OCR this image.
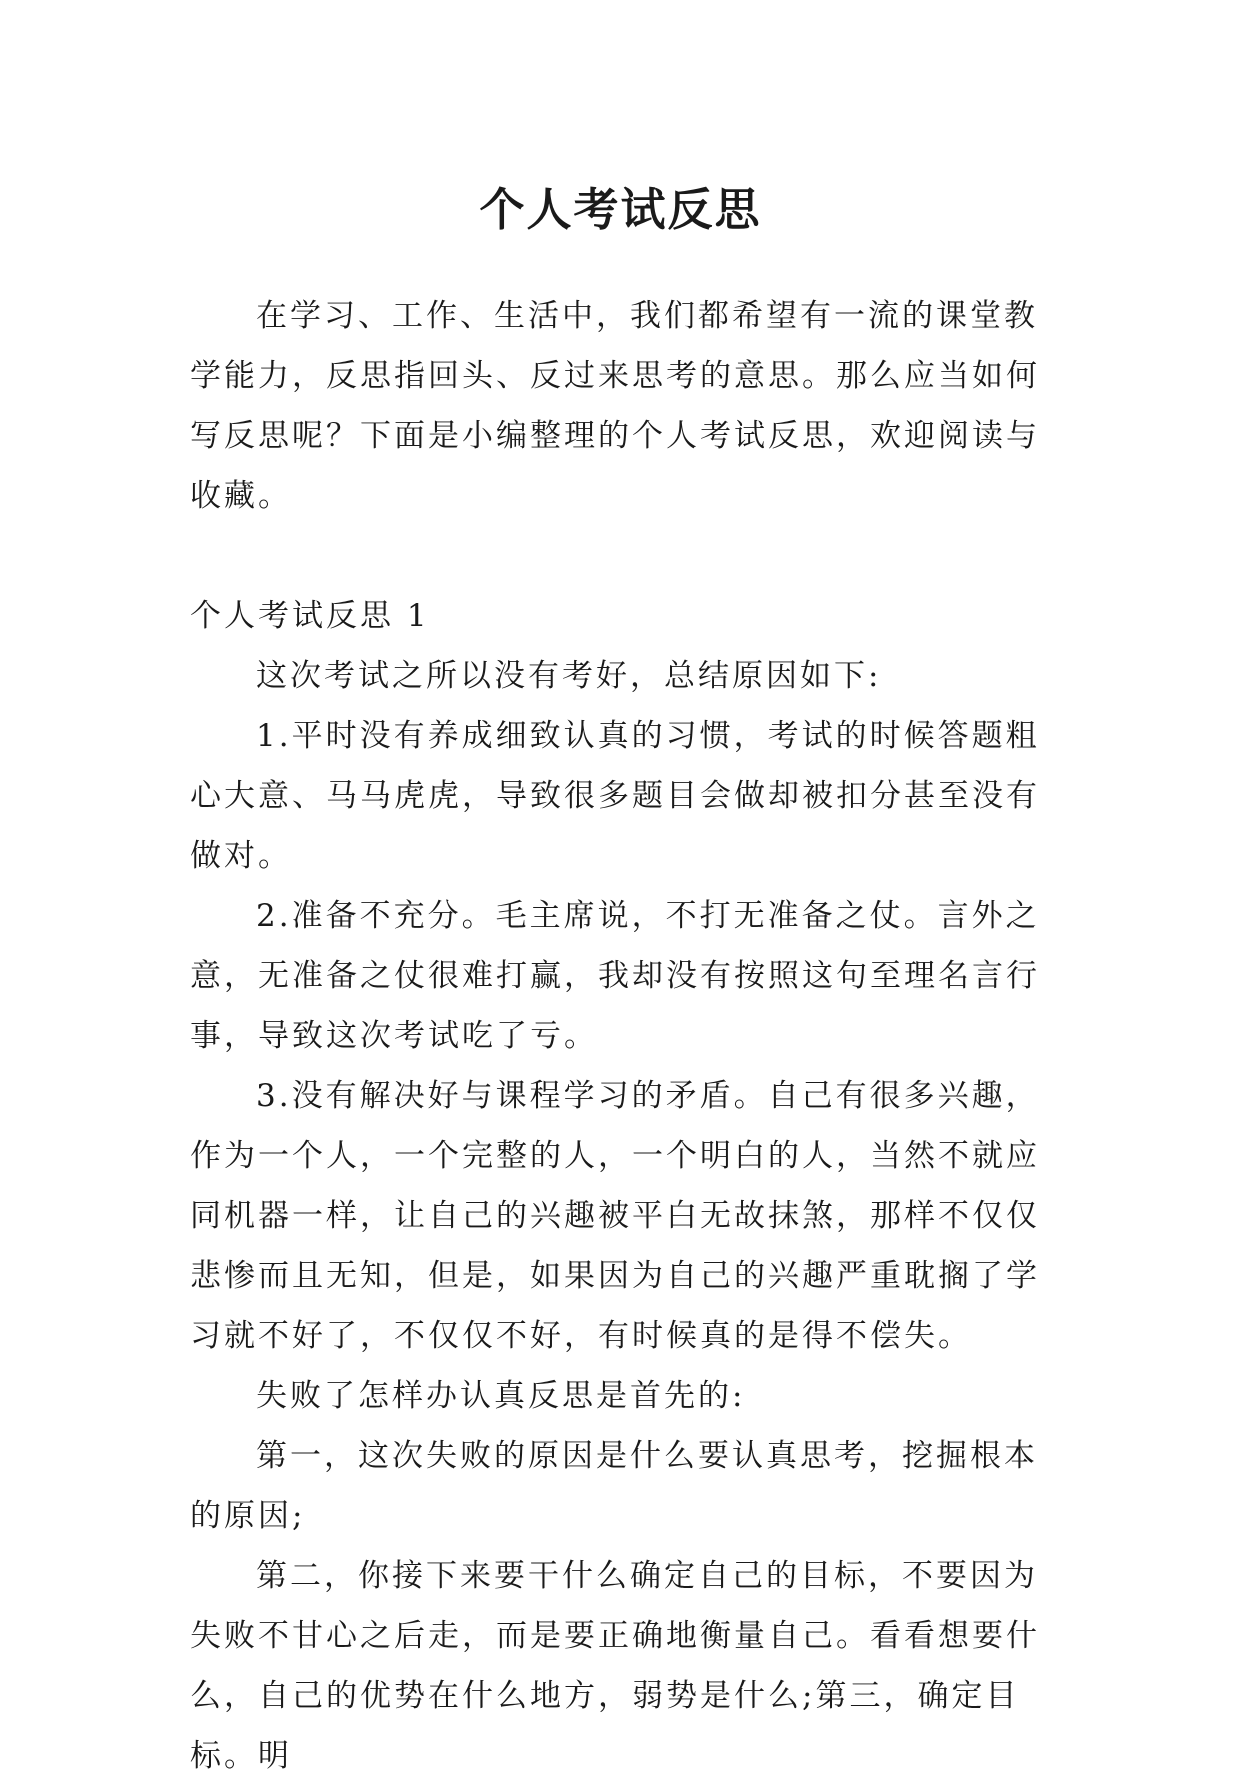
个人考试反思

在学习、工作、生活中，我们都希望有一流的课堂教学能力，反思指回头、反过来思考的意思。那么应当如何写反思呢？下面是小编整理的个人考试反思，欢迎阅读与收藏。

个人考试反思 1

这次考试之所以没有考好，总结原因如下:

1.平时没有养成细致认真的习惯，考试的时候答题粗心大意、马马虎虎，导致很多题目会做却被扣分甚至没有做对。

2.准备不充分。毛主席说，不打无准备之仗。言外之意，无准备之仗很难打赢，我却没有按照这句至理名言行事，导致这次考试吃了亏。

3.没有解决好与课程学习的矛盾。自己有很多兴趣，作为一个人，一个完整的人，一个明白的人，当然不就应同机器一样，让自己的兴趣被平白无故抹煞，那样不仅仅悲惨而且无知，但是，如果因为自己的兴趣严重耽搁了学习就不好了，不仅仅不好，有时候真的是得不偿失。

失败了怎样办认真反思是首先的:

第一，这次失败的原因是什么要认真思考，挖掘根本的原因;

第二，你接下来要干什么确定自己的目标，不要因为失败不甘心之后走，而是要正确地衡量自己。看看想要什么，自己的优势在什么地方，弱势是什么;第三，确定目标。明
